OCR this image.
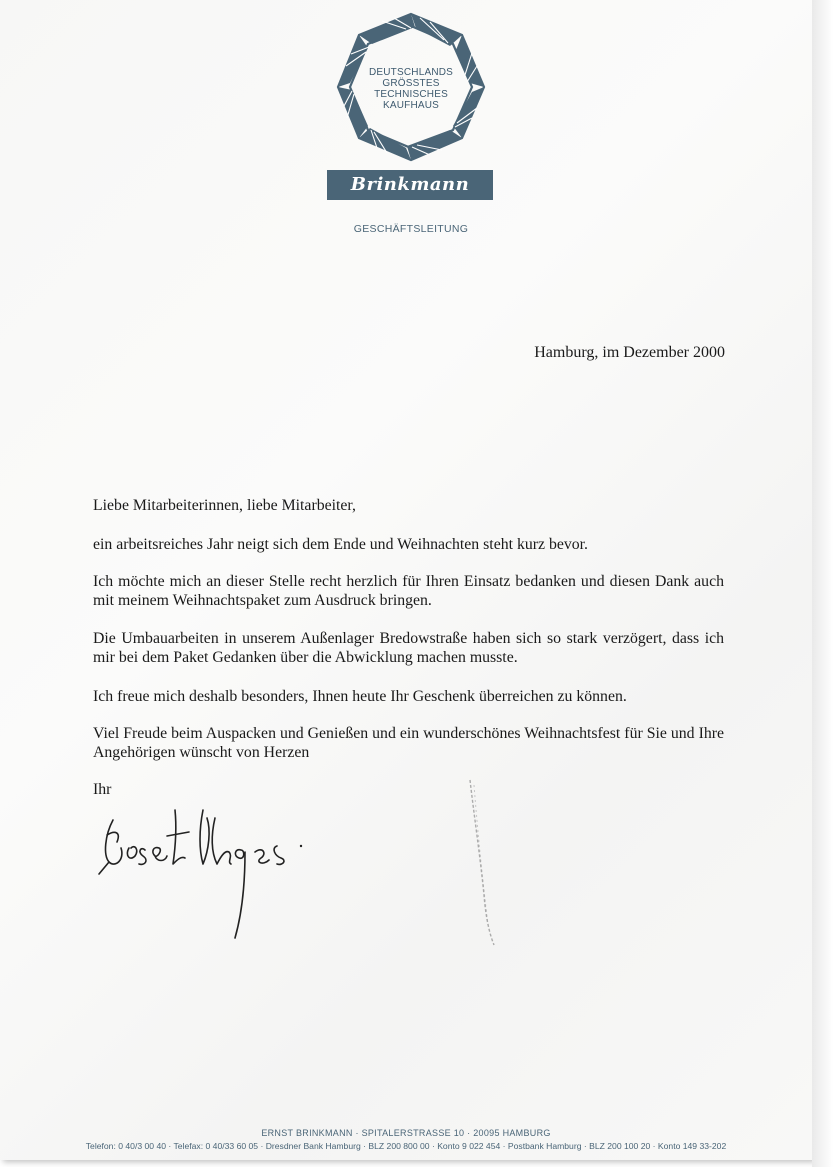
DEUTSCHLANDS
GRÖSSTES
TECHNISCHES
KAUFHAUS
Brinkmann
GESCHÄFTSLEITUNG
Hamburg, im Dezember 2000

Liebe Mitarbeiterinnen, liebe Mitarbeiter,

ein arbeitsreiches Jahr neigt sich dem Ende und Weihnachten steht kurz bevor.

Ich möchte mich an dieser Stelle recht herzlich für Ihren Einsatz bedanken und diesen Dank auch mit meinem Weihnachtspaket zum Ausdruck bringen.

Die Umbauarbeiten in unserem Außenlager Bredowstraße haben sich so stark verzögert, dass ich mir bei dem Paket Gedanken über die Abwicklung machen musste.

Ich freue mich deshalb besonders, Ihnen heute Ihr Geschenk überreichen zu können.

Viel Freude beim Auspacken und Genießen und ein wunderschönes Weihnachtsfest für Sie und Ihre Angehörigen wünscht von Herzen

Ihr

ERNST BRINKMANN · SPITALERSTRASSE 10 · 20095 HAMBURG
Telefon: 0 40/3 00 40 · Telefax: 0 40/33 60 05 · Dresdner Bank Hamburg · BLZ 200 800 00 · Konto 9 022 454 · Postbank Hamburg · BLZ 200 100 20 · Konto 149 33-202
